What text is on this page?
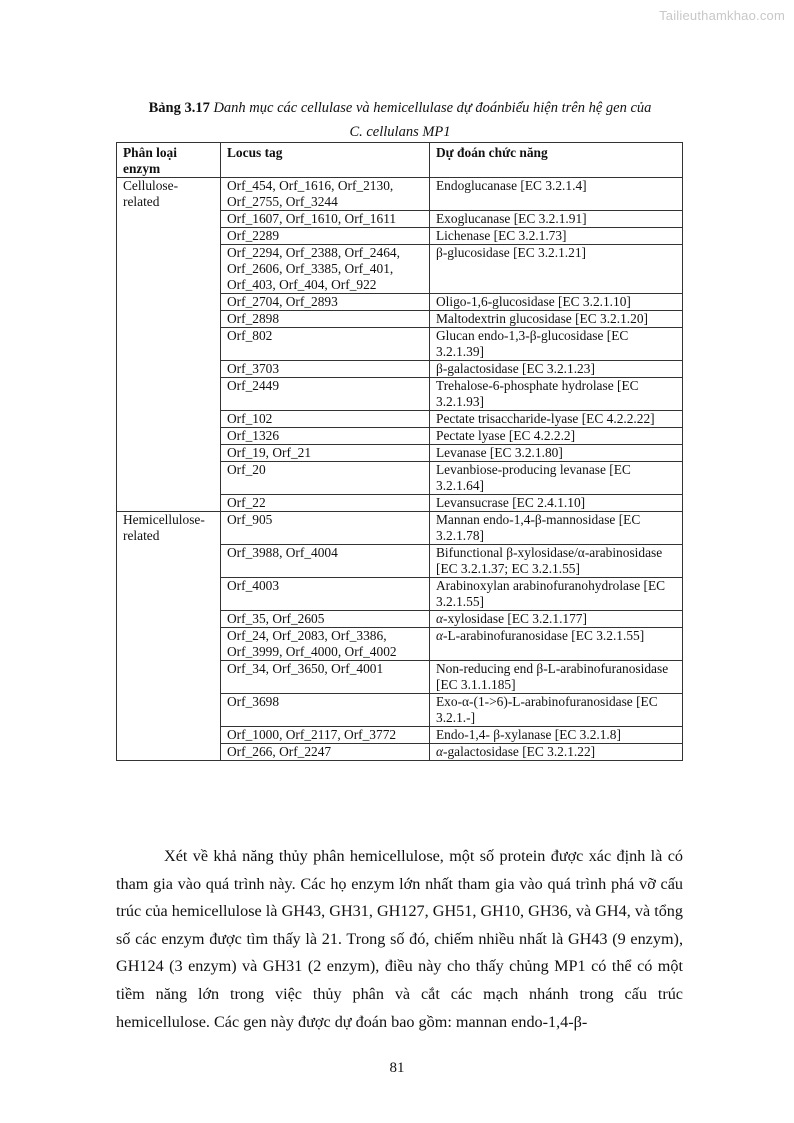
Tailieuthamkhao.com
Bảng 3.17 Danh mục các cellulase và hemicellulase dự đoánbiểu hiện trên hệ gen của
C. cellulans MP1
Phân loại enzym	Locus tag	Dự đoán chức năng
Cellulose-related	Orf_454, Orf_1616, Orf_2130, Orf_2755, Orf_3244	Endoglucanase [EC 3.2.1.4]
	Orf_1607, Orf_1610, Orf_1611	Exoglucanase [EC 3.2.1.91]
	Orf_2289	Lichenase [EC 3.2.1.73]
	Orf_2294, Orf_2388, Orf_2464, Orf_2606, Orf_3385, Orf_401, Orf_403, Orf_404, Orf_922	β-glucosidase [EC 3.2.1.21]
	Orf_2704, Orf_2893	Oligo-1,6-glucosidase [EC 3.2.1.10]
	Orf_2898	Maltodextrin glucosidase [EC 3.2.1.20]
	Orf_802	Glucan endo-1,3-β-glucosidase [EC 3.2.1.39]
	Orf_3703	β-galactosidase [EC 3.2.1.23]
	Orf_2449	Trehalose-6-phosphate hydrolase [EC 3.2.1.93]
	Orf_102	Pectate trisaccharide-lyase [EC 4.2.2.22]
	Orf_1326	Pectate lyase [EC 4.2.2.2]
	Orf_19, Orf_21	Levanase [EC 3.2.1.80]
	Orf_20	Levanbiose-producing levanase [EC 3.2.1.64]
	Orf_22	Levansucrase [EC 2.4.1.10]
Hemicellulose-related	Orf_905	Mannan endo-1,4-β-mannosidase [EC 3.2.1.78]
	Orf_3988, Orf_4004	Bifunctional β-xylosidase/α-arabinosidase [EC 3.2.1.37; EC 3.2.1.55]
	Orf_4003	Arabinoxylan arabinofuranohydrolase [EC 3.2.1.55]
	Orf_35, Orf_2605	α-xylosidase [EC 3.2.1.177]
	Orf_24, Orf_2083, Orf_3386, Orf_3999, Orf_4000, Orf_4002	α-L-arabinofuranosidase [EC 3.2.1.55]
	Orf_34, Orf_3650, Orf_4001	Non-reducing end β-L-arabinofuranosidase [EC 3.1.1.185]
	Orf_3698	Exo-α-(1->6)-L-arabinofuranosidase [EC 3.2.1.-]
	Orf_1000, Orf_2117, Orf_3772	Endo-1,4- β-xylanase [EC 3.2.1.8]
	Orf_266, Orf_2247	α-galactosidase [EC 3.2.1.22]
Xét về khả năng thủy phân hemicellulose, một số protein được xác định là có tham gia vào quá trình này. Các họ enzym lớn nhất tham gia vào quá trình phá vỡ cấu trúc của hemicellulose là GH43, GH31, GH127, GH51, GH10, GH36, và GH4, và tổng số các enzym được tìm thấy là 21. Trong số đó, chiếm nhiều nhất là GH43 (9 enzym), GH124 (3 enzym) và GH31 (2 enzym), điều này cho thấy chủng MP1 có thể có một tiềm năng lớn trong việc thủy phân và cắt các mạch nhánh trong cấu trúc hemicellulose. Các gen này được dự đoán bao gồm: mannan endo-1,4-β-
81
